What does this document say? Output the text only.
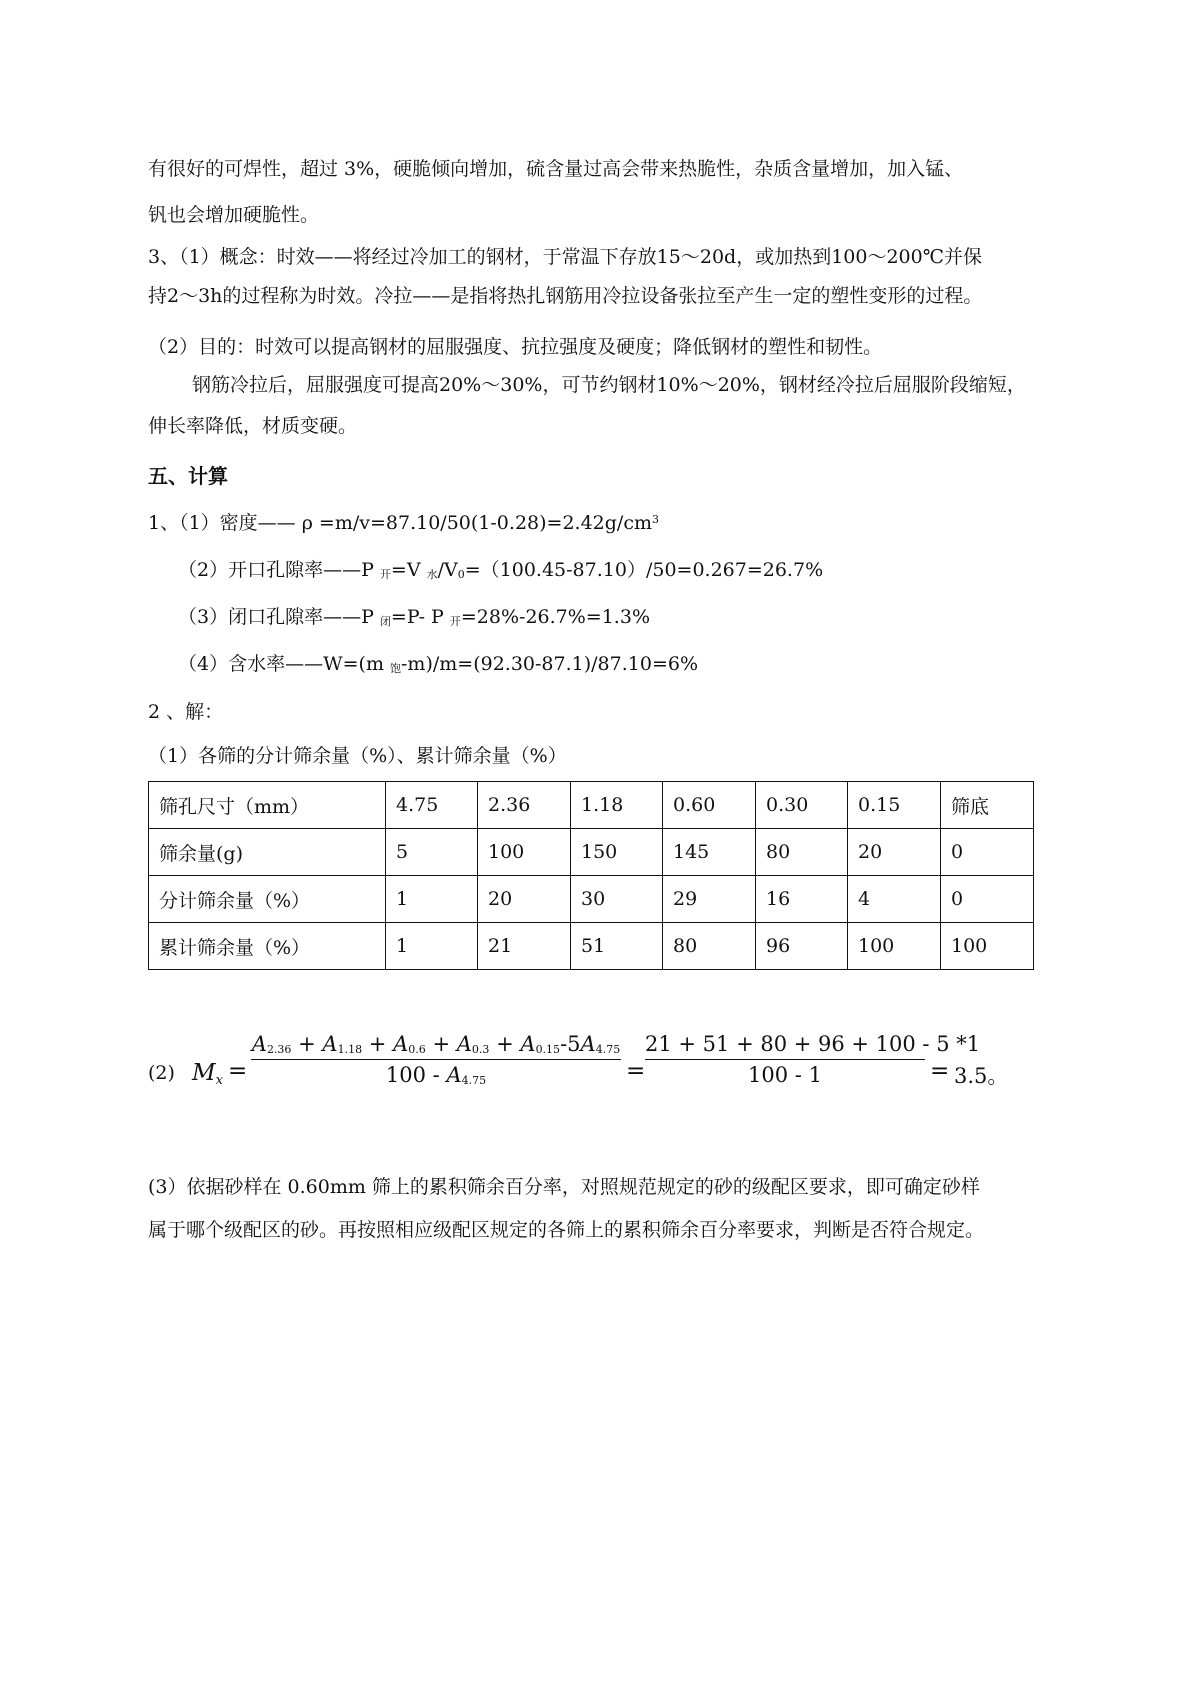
有很好的可焊性，超过 3%，硬脆倾向增加，硫含量过高会带来热脆性，杂质含量增加，加入锰、
钒也会增加硬脆性。
3、（1）概念：时效——将经过冷加工的钢材，于常温下存放15～20d，或加热到100～200℃并保
持2～3h的过程称为时效。冷拉——是指将热扎钢筋用冷拉设备张拉至产生一定的塑性变形的过程。
（2）目的：时效可以提高钢材的屈服强度、抗拉强度及硬度；降低钢材的塑性和韧性。
钢筋冷拉后，屈服强度可提高20%～30%，可节约钢材10%～20%，钢材经冷拉后屈服阶段缩短，
伸长率降低，材质变硬。
五、计算
1、（1）密度—— $\rho =m/v=87.10/50(1-0.28)=2.42g/cm^3$
（2）开口孔隙率——P $_开$=V $_水/V_0=(100.45-87.10)/50=0.267=26.7\%$
（3）闭口孔隙率——P $_闭$=P- P $_开$=28%-26.7%=1.3%
（4）含水率——W=(m $_饱$-m)/m=(92.30-87.1)/87.10=6%
2 、解：
（1）各筛的分计筛余量（%）、累计筛余量（%）
筛孔尺寸（mm）	4.75	2.36	1.18	0.60	0.30	0.15	筛底
筛余量(g)	5	100	150	145	80	20	0
分计筛余量（%）	1	20	30	29	16	4	0
累计筛余量（%）	1	21	51	80	96	100	100
(2) $M_x$ =
$A_{2.36} + A_{1.18} + A_{0.6} + A_{0.3} + A_{0.15}-5A_{4.75}$
$100 - A_{4.75}$	=
21 + 51 + 80 + 96 + 100 - 5 *1
100 - 1	= 3.5。
(3）依据砂样在 0.60mm 筛上的累积筛余百分率，对照规范规定的砂的级配区要求，即可确定砂样
属于哪个级配区的砂。再按照相应级配区规定的各筛上的累积筛余百分率要求，判断是否符合规定。
